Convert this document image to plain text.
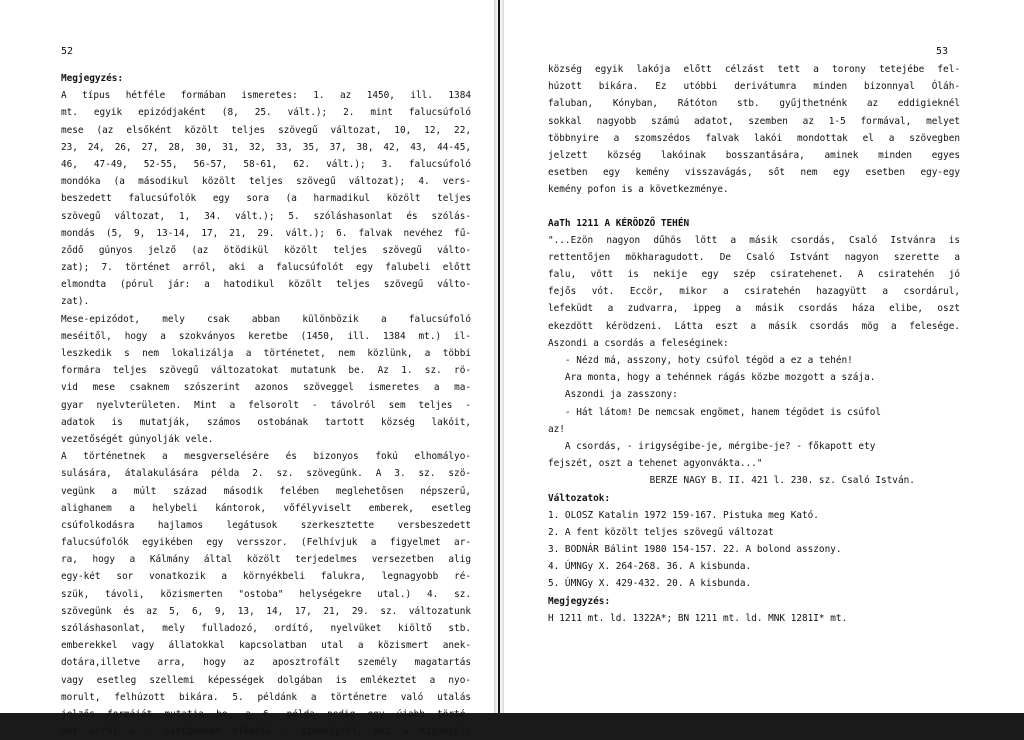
52
Megjegyzés:
A típus hétféle formában ismeretes: 1. az 1450, ill. 1384
mt. egyik epizódjaként (8, 25. vált.); 2. mint falucsúfoló
mese (az elsőként közölt teljes szövegű változat, 10, 12, 22,
23, 24, 26, 27, 28, 30, 31, 32, 33, 35, 37, 38, 42, 43, 44-45,
46, 47-49, 52-55, 56-57, 58-61, 62. vált.); 3. falucsúfoló
mondóka (a másodikul közölt teljes szövegű változat); 4. vers-
beszedett falucsúfolók egy sora (a harmadikul közölt teljes
szövegű változat, 1, 34. vált.); 5. szóláshasonlat és szólás-
mondás (5, 9, 13-14, 17, 21, 29. vált.); 6. falvak nevéhez fű-
ződő gúnyos jelző (az ötödikül közölt teljes szövegű válto-
zat); 7. történet arról, aki a falucsúfolót egy falubeli előtt
elmondta (pórul jár: a hatodikul közölt teljes szövegű válto-
zat).
Mese-epizódot, mely csak abban különbözik a falucsúfoló
meséitől, hogy a szokványos keretbe (1450, ill. 1384 mt.) il-
leszkedik s nem lokalizálja a történetet, nem közlünk, a többi
formára teljes szövegű változatokat mutatunk be. Az 1. sz. rö-
vid mese csaknem szószerint azonos szöveggel ismeretes a ma-
gyar nyelvterületen. Mint a felsorolt - távolról sem teljes -
adatok is mutatják, számos ostobának tartott község lakóit,
vezetőségét gúnyolják vele.
A történetnek a mesgverselésére és bizonyos fokú elhomályo-
sulására, átalakulására példa 2. sz. szövegünk. A 3. sz. szö-
vegünk a múlt század második felében meglehetősen népszerű,
alighanem a helybeli kántorok, vőfélyviselt emberek, esetleg
csúfolkodásra hajlamos legátusok szerkesztette versbeszedett
falucsúfolók egyikében egy versszor. (Felhívjuk a figyelmet ar-
ra, hogy a Kálmány által közölt terjedelmes versezetben alig
egy-két sor vonatkozik a környékbeli falukra, legnagyobb ré-
szük, távoli, közismerten "ostoba" helységekre utal.) 4. sz.
szövegünk és az 5, 6, 9, 13, 14, 17, 21, 29. sz. változatunk
szóláshasonlat, mely fulladozó, ordító, nyelvüket kiöltő stb.
emberekkel vagy állatokkal kapcsolatban utal a közismert anek-
dotára,illetve arra, hogy az aposztrofált személy magatartás
vagy esetleg szellemi képességek dolgában is emlékeztet a nyo-
morult, felhúzott bikára. 5. példánk a történetre való utalás
jelzős formáját mutatja be, a 6. példa pedig egy újabb törté-
net arról a - esetünkben előkelő - személyről, aki a kigúnyolt
53
község egyik lakója előtt célzást tett a torony tetejébe fel-
húzott bikára. Ez utóbbi derivátumra minden bizonnyal Óláh-
faluban, Kónyban, Rátóton stb. gyűjthetnénk az eddigieknél
sokkal nagyobb számú adatot, szemben az 1-5 formával, melyet
többnyire a szomszédos falvak lakói mondottak el a szövegben
jelzett község lakóinak bosszantására, aminek minden egyes
esetben egy kemény visszavágás, sőt nem egy esetben egy-egy
kemény pofon is a következménye.
AaTh 1211 A KÉRÖDZŐ TEHÉN
"...Ezön nagyon dűhös lött a másik csordás, Csaló Istvánra is
rettentőjen mökharagudott. De Csaló Istvánt nagyon szerette a
falu, vött is nekije egy szép csiratehenet. A csiratehén jó
fejős vót. Eccör, mikor a csiratehén hazagyütt a csordárul,
lefeküdt a zudvarra, ippeg a másik csordás háza elibe, oszt
ekezdött kérödzeni. Látta eszt a másik csordás mög a felesége.
Aszondi a csordás a feleséginek:
- Nézd má, asszony, hoty csúfol tégöd a ez a tehén!
Ara monta, hogy a tehénnek rágás közbe mozgott a szája.
Aszondi ja zasszony:
- Hát látom! De nemcsak engömet, hanem tégödet is csúfol
az!
A csordás, - irigységibe-je, mérgibe-je? - főkapott ety
fejszét, oszt a tehenet agyonvákta..."
BERZE NAGY B. II. 421 l. 230. sz. Csaló István.
Változatok:
1. OLOSZ Katalin 1972 159-167. Pistuka meg Kató.
2. A fent közölt teljes szövegű változat
3. BODNÁR Bálint 1980 154-157. 22. A bolond asszony.
4. ÚMNGy X. 264-268. 36. A kisbunda.
5. ÚMNGy X. 429-432. 20. A kisbunda.
Megjegyzés:
H 1211 mt. ld. 1322A*; BN 1211 mt. ld. MNK 1281I* mt.
